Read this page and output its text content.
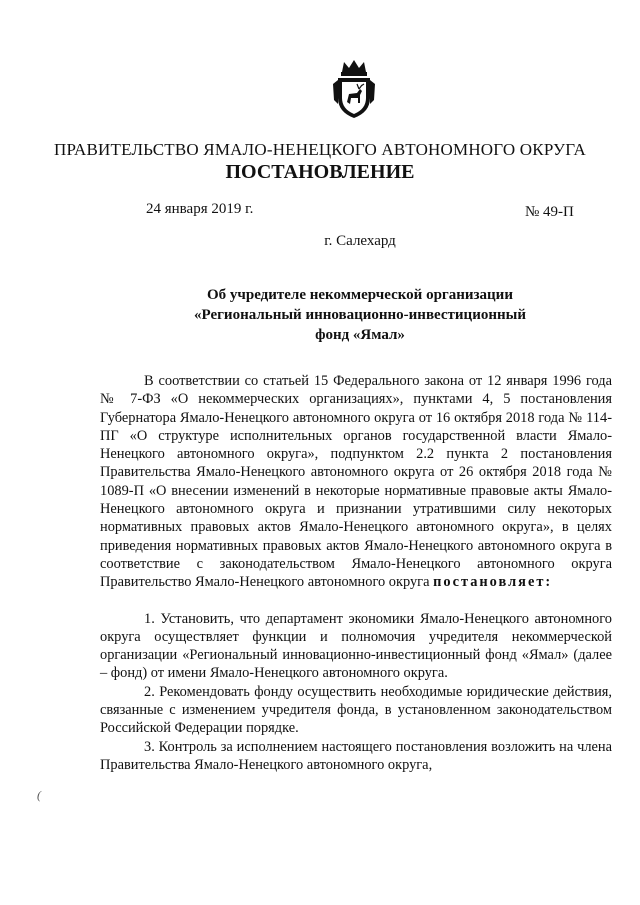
ПРАВИТЕЛЬСТВО ЯМАЛО-НЕНЕЦКОГО АВТОНОМНОГО ОКРУГА
ПОСТАНОВЛЕНИЕ
24 января 2019 г.	№ 49-П
г. Салехард
Об учредителе некоммерческой организации
«Региональный инновационно-инвестиционный
фонд «Ямал»

В соответствии со статьей 15 Федерального закона от 12 января 1996 года № 7-ФЗ «О некоммерческих организациях», пунктами 4, 5 постановления Губернатора Ямало-Ненецкого автономного округа от 16 октября 2018 года № 114-ПГ «О структуре исполнительных органов государственной власти Ямало-Ненецкого автономного округа», подпунктом 2.2 пункта 2 постановления Правительства Ямало-Ненецкого автономного округа от 26 октября 2018 года № 1089-П «О внесении изменений в некоторые нормативные правовые акты Ямало-Ненецкого автономного округа и признании утратившими силу некоторых нормативных правовых актов Ямало-Ненецкого автономного округа», в целях приведения нормативных правовых актов Ямало-Ненецкого автономного округа в соответствие с законодательством Ямало-Ненецкого автономного округа Правительство Ямало-Ненецкого автономного округа постановляет:

1. Установить, что департамент экономики Ямало-Ненецкого автономного округа осуществляет функции и полномочия учредителя некоммерческой организации «Региональный инновационно-инвестиционный фонд «Ямал» (далее – фонд) от имени Ямало-Ненецкого автономного округа.

2. Рекомендовать фонду осуществить необходимые юридические действия, связанные с изменением учредителя фонда, в установленном законодательством Российской Федерации порядке.

3. Контроль за исполнением настоящего постановления возложить на члена Правительства Ямало-Ненецкого автономного округа,

(
